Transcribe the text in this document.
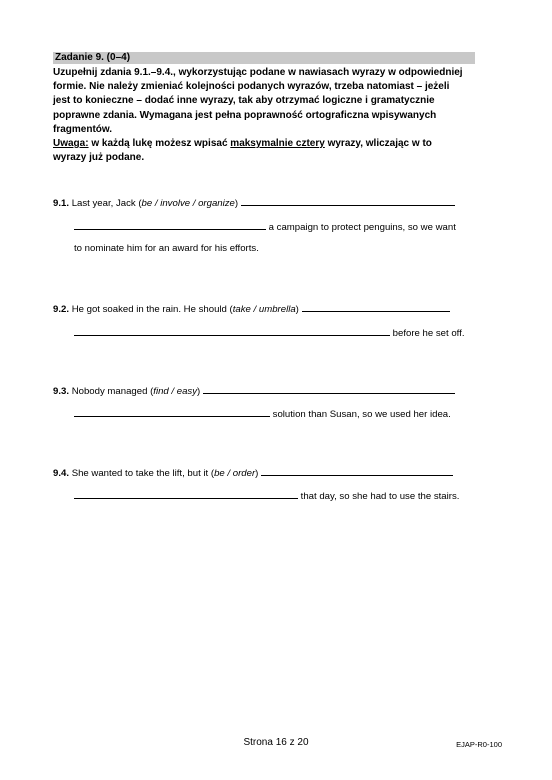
Zadanie 9. (0–4)
Uzupełnij zdania 9.1.–9.4., wykorzystując podane w nawiasach wyrazy w odpowiedniej
formie. Nie należy zmieniać kolejności podanych wyrazów, trzeba natomiast – jeżeli
jest to konieczne – dodać inne wyrazy, tak aby otrzymać logiczne i gramatycznie
poprawne zdania. Wymagana jest pełna poprawność ortograficzna wpisywanych
fragmentów.
Uwaga: w każdą lukę możesz wpisać maksymalnie cztery wyrazy, wliczając w to
wyrazy już podane.
9.1. Last year, Jack (be / involve / organize)
a campaign to protect penguins, so we want
to nominate him for an award for his efforts.
9.2. He got soaked in the rain. He should (take / umbrella)
before he set off.
9.3. Nobody managed (find / easy)
solution than Susan, so we used her idea.
9.4. She wanted to take the lift, but it (be / order)
that day, so she had to use the stairs.
Strona 16 z 20	EJAP-R0-100
